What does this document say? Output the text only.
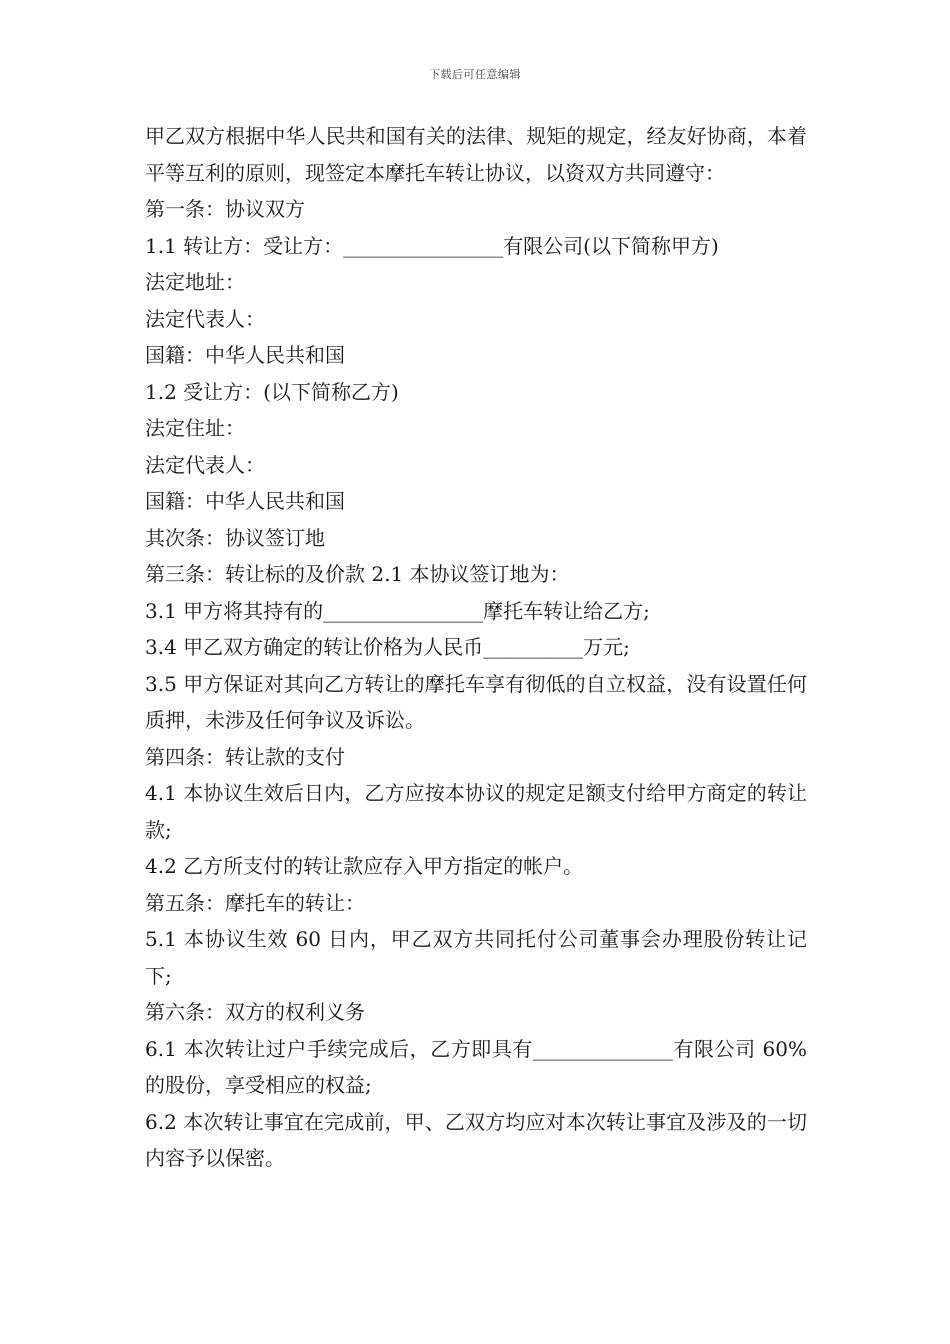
下载后可任意编辑

甲乙双方根据中华人民共和国有关的法律、规矩的规定，经友好协商，本着平等互利的原则，现签定本摩托车转让协议，以资双方共同遵守：

第一条：协议双方

1.1 转让方：受让方：________________有限公司(以下简称甲方)

法定地址：

法定代表人：

国籍：中华人民共和国

1.2 受让方：(以下简称乙方)

法定住址：

法定代表人：

国籍：中华人民共和国

其次条：协议签订地

第三条：转让标的及价款 2.1 本协议签订地为：

3.1 甲方将其持有的________________摩托车转让给乙方;

3.4 甲乙双方确定的转让价格为人民币__________万元;

3.5 甲方保证对其向乙方转让的摩托车享有彻低的自立权益，没有设置任何质押，未涉及任何争议及诉讼。

第四条：转让款的支付

4.1 本协议生效后日内，乙方应按本协议的规定足额支付给甲方商定的转让款;

4.2 乙方所支付的转让款应存入甲方指定的帐户。

第五条：摩托车的转让：

5.1 本协议生效 60 日内，甲乙双方共同托付公司董事会办理股份转让记下;

第六条：双方的权利义务

6.1 本次转让过户手续完成后，乙方即具有______________有限公司 60% 的股份，享受相应的权益;

6.2 本次转让事宜在完成前，甲、乙双方均应对本次转让事宜及涉及的一切内容予以保密。
